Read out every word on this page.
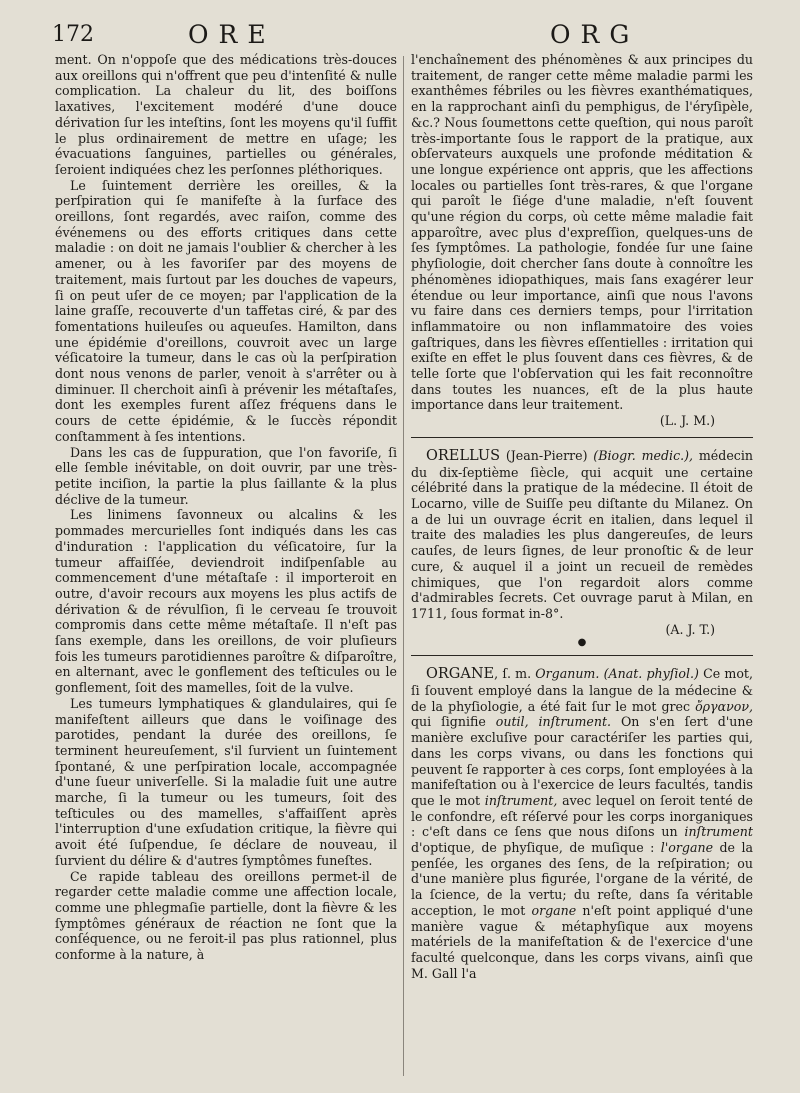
172	ORE	ORG

ment. On n'oppoſe que des médications très-douces aux oreillons qui n'offrent que peu d'intenſité & nulle complication. La chaleur du lit, des boiſſons laxatives, l'excitement modéré d'une douce dérivation ſur les inteſtins, ſont les moyens qu'il ſuffit le plus ordinairement de mettre en uſage; les évacuations ſanguines, partielles ou générales, ſeroient indiquées chez les perſonnes pléthoriques.

Le ſuintement derrière les oreilles, & la perſpiration qui ſe manifeſte à la ſurface des oreillons, ſont regardés, avec raiſon, comme des événemens ou des efforts critiques dans cette maladie : on doit ne jamais l'oublier & chercher à les amener, ou à les favoriſer par des moyens de traitement, mais ſurtout par les douches de vapeurs, ſi on peut uſer de ce moyen; par l'application de la laine graſſe, recouverte d'un taffetas ciré, & par des fomentations huileuſes ou aqueuſes. Hamilton, dans une épidémie d'oreillons, couvroit avec un large véſicatoire la tumeur, dans le cas où la perſpiration dont nous venons de parler, venoit à s'arrêter ou à diminuer. Il cherchoit ainſi à prévenir les métaſtaſes, dont les exemples furent aſſez fréquens dans le cours de cette épidémie, & le ſuccès répondit conſtamment à ſes intentions.

Dans les cas de ſuppuration, que l'on favoriſe, ſi elle ſemble inévitable, on doit ouvrir, par une très-petite inciſion, la partie la plus ſaillante & la plus déclive de la tumeur.

Les linimens ſavonneux ou alcalins & les pommades mercurielles ſont indiqués dans les cas d'induration : l'application du véſicatoire, ſur la tumeur affaiſſée, deviendroit indiſpenſable au commencement d'une métaſtaſe : il importeroit en outre, d'avoir recours aux moyens les plus actifs de dérivation & de révulſion, ſi le cerveau ſe trouvoit compromis dans cette même métaſtaſe. Il n'eſt pas ſans exemple, dans les oreillons, de voir pluſieurs fois les tumeurs parotidiennes paroître & diſparoître, en alternant, avec le gonflement des teſticules ou le gonflement, ſoit des mamelles, ſoit de la vulve.

Les tumeurs lymphatiques & glandulaires, qui ſe manifeſtent ailleurs que dans le voiſinage des parotides, pendant la durée des oreillons, ſe terminent heureuſement, s'il ſurvient un ſuintement ſpontané, & une perſpiration locale, accompagnée d'une ſueur univerſelle. Si la maladie ſuit une autre marche, ſi la tumeur ou les tumeurs, ſoit des teſticules ou des mamelles, s'affaiſſent après l'interruption d'une exſudation critique, la fièvre qui avoit été ſuſpendue, ſe déclare de nouveau, il ſurvient du délire & d'autres ſymptômes funeſtes.

Ce rapide tableau des oreillons permet-il de regarder cette maladie comme une affection locale, comme une phlegmaſie partielle, dont la fièvre & les ſymptômes généraux de réaction ne ſont que la conſéquence, ou ne feroit-il pas plus rationnel, plus conforme à la nature, à

l'enchaînement des phénomènes & aux principes du traitement, de ranger cette même maladie parmi les exanthêmes fébriles ou les fièvres exanthématiques, en la rapprochant ainſi du pemphigus, de l'éryſipèle, &c.? Nous ſoumettons cette queſtion, qui nous paroît très-importante ſous le rapport de la pratique, aux obſervateurs auxquels une profonde méditation & une longue expérience ont appris, que les affections locales ou partielles ſont très-rares, & que l'organe qui paroît le ſiége d'une maladie, n'eſt ſouvent qu'une région du corps, où cette même maladie fait apparoître, avec plus d'expreſſion, quelques-uns de ſes ſymptômes. La pathologie, fondée ſur une ſaine phyſiologie, doit chercher ſans doute à connoître les phénomènes idiopathiques, mais ſans exagérer leur étendue ou leur importance, ainſi que nous l'avons vu faire dans ces derniers temps, pour l'irritation inflammatoire ou non inflammatoire des voies gaſtriques, dans les fièvres eſſentielles : irritation qui exiſte en effet le plus ſouvent dans ces fièvres, & de telle ſorte que l'obſervation qui les fait reconnoître dans toutes les nuances, eſt de la plus haute importance dans leur traitement.

(L. J. M.)

ORELLUS (Jean-Pierre) (Biogr. medic.), médecin du dix-ſeptième ſiècle, qui acquit une certaine célébrité dans la pratique de la médecine. Il étoit de Locarno, ville de Suiſſe peu diſtante du Milanez. On a de lui un ouvrage écrit en italien, dans lequel il traite des maladies les plus dangereuſes, de leurs cauſes, de leurs ſignes, de leur pronoſtic & de leur cure, & auquel il a joint un recueil de remèdes chimiques, que l'on regardoit alors comme d'admirables ſecrets. Cet ouvrage parut à Milan, en 1711, ſous format in-8°.

(A. J. T.)

●

ORGANE, ſ. m. Organum. (Anat. phyſiol.) Ce mot, ſi ſouvent employé dans la langue de la médecine & de la phyſiologie, a été fait ſur le mot grec ὄργανον, qui ſignifie outil, inſtrument. On s'en ſert d'une manière excluſive pour caractériſer les parties qui, dans les corps vivans, ou dans les fonctions qui peuvent ſe rapporter à ces corps, ſont employées à la manifeſtation ou à l'exercice de leurs facultés, tandis que le mot inſtrument, avec lequel on ſeroit tenté de le confondre, eſt réſervé pour les corps inorganiques : c'eſt dans ce ſens que nous diſons un inſtrument d'optique, de phyſique, de muſique : l'organe de la penſée, les organes des ſens, de la reſpiration; ou d'une manière plus figurée, l'organe de la vérité, de la ſcience, de la vertu; du reſte, dans ſa véritable acception, le mot organe n'eſt point appliqué d'une manière vague & métaphyſique aux moyens matériels de la manifeſtation & de l'exercice d'une faculté quelconque, dans les corps vivans, ainſi que M. Gall l'a
